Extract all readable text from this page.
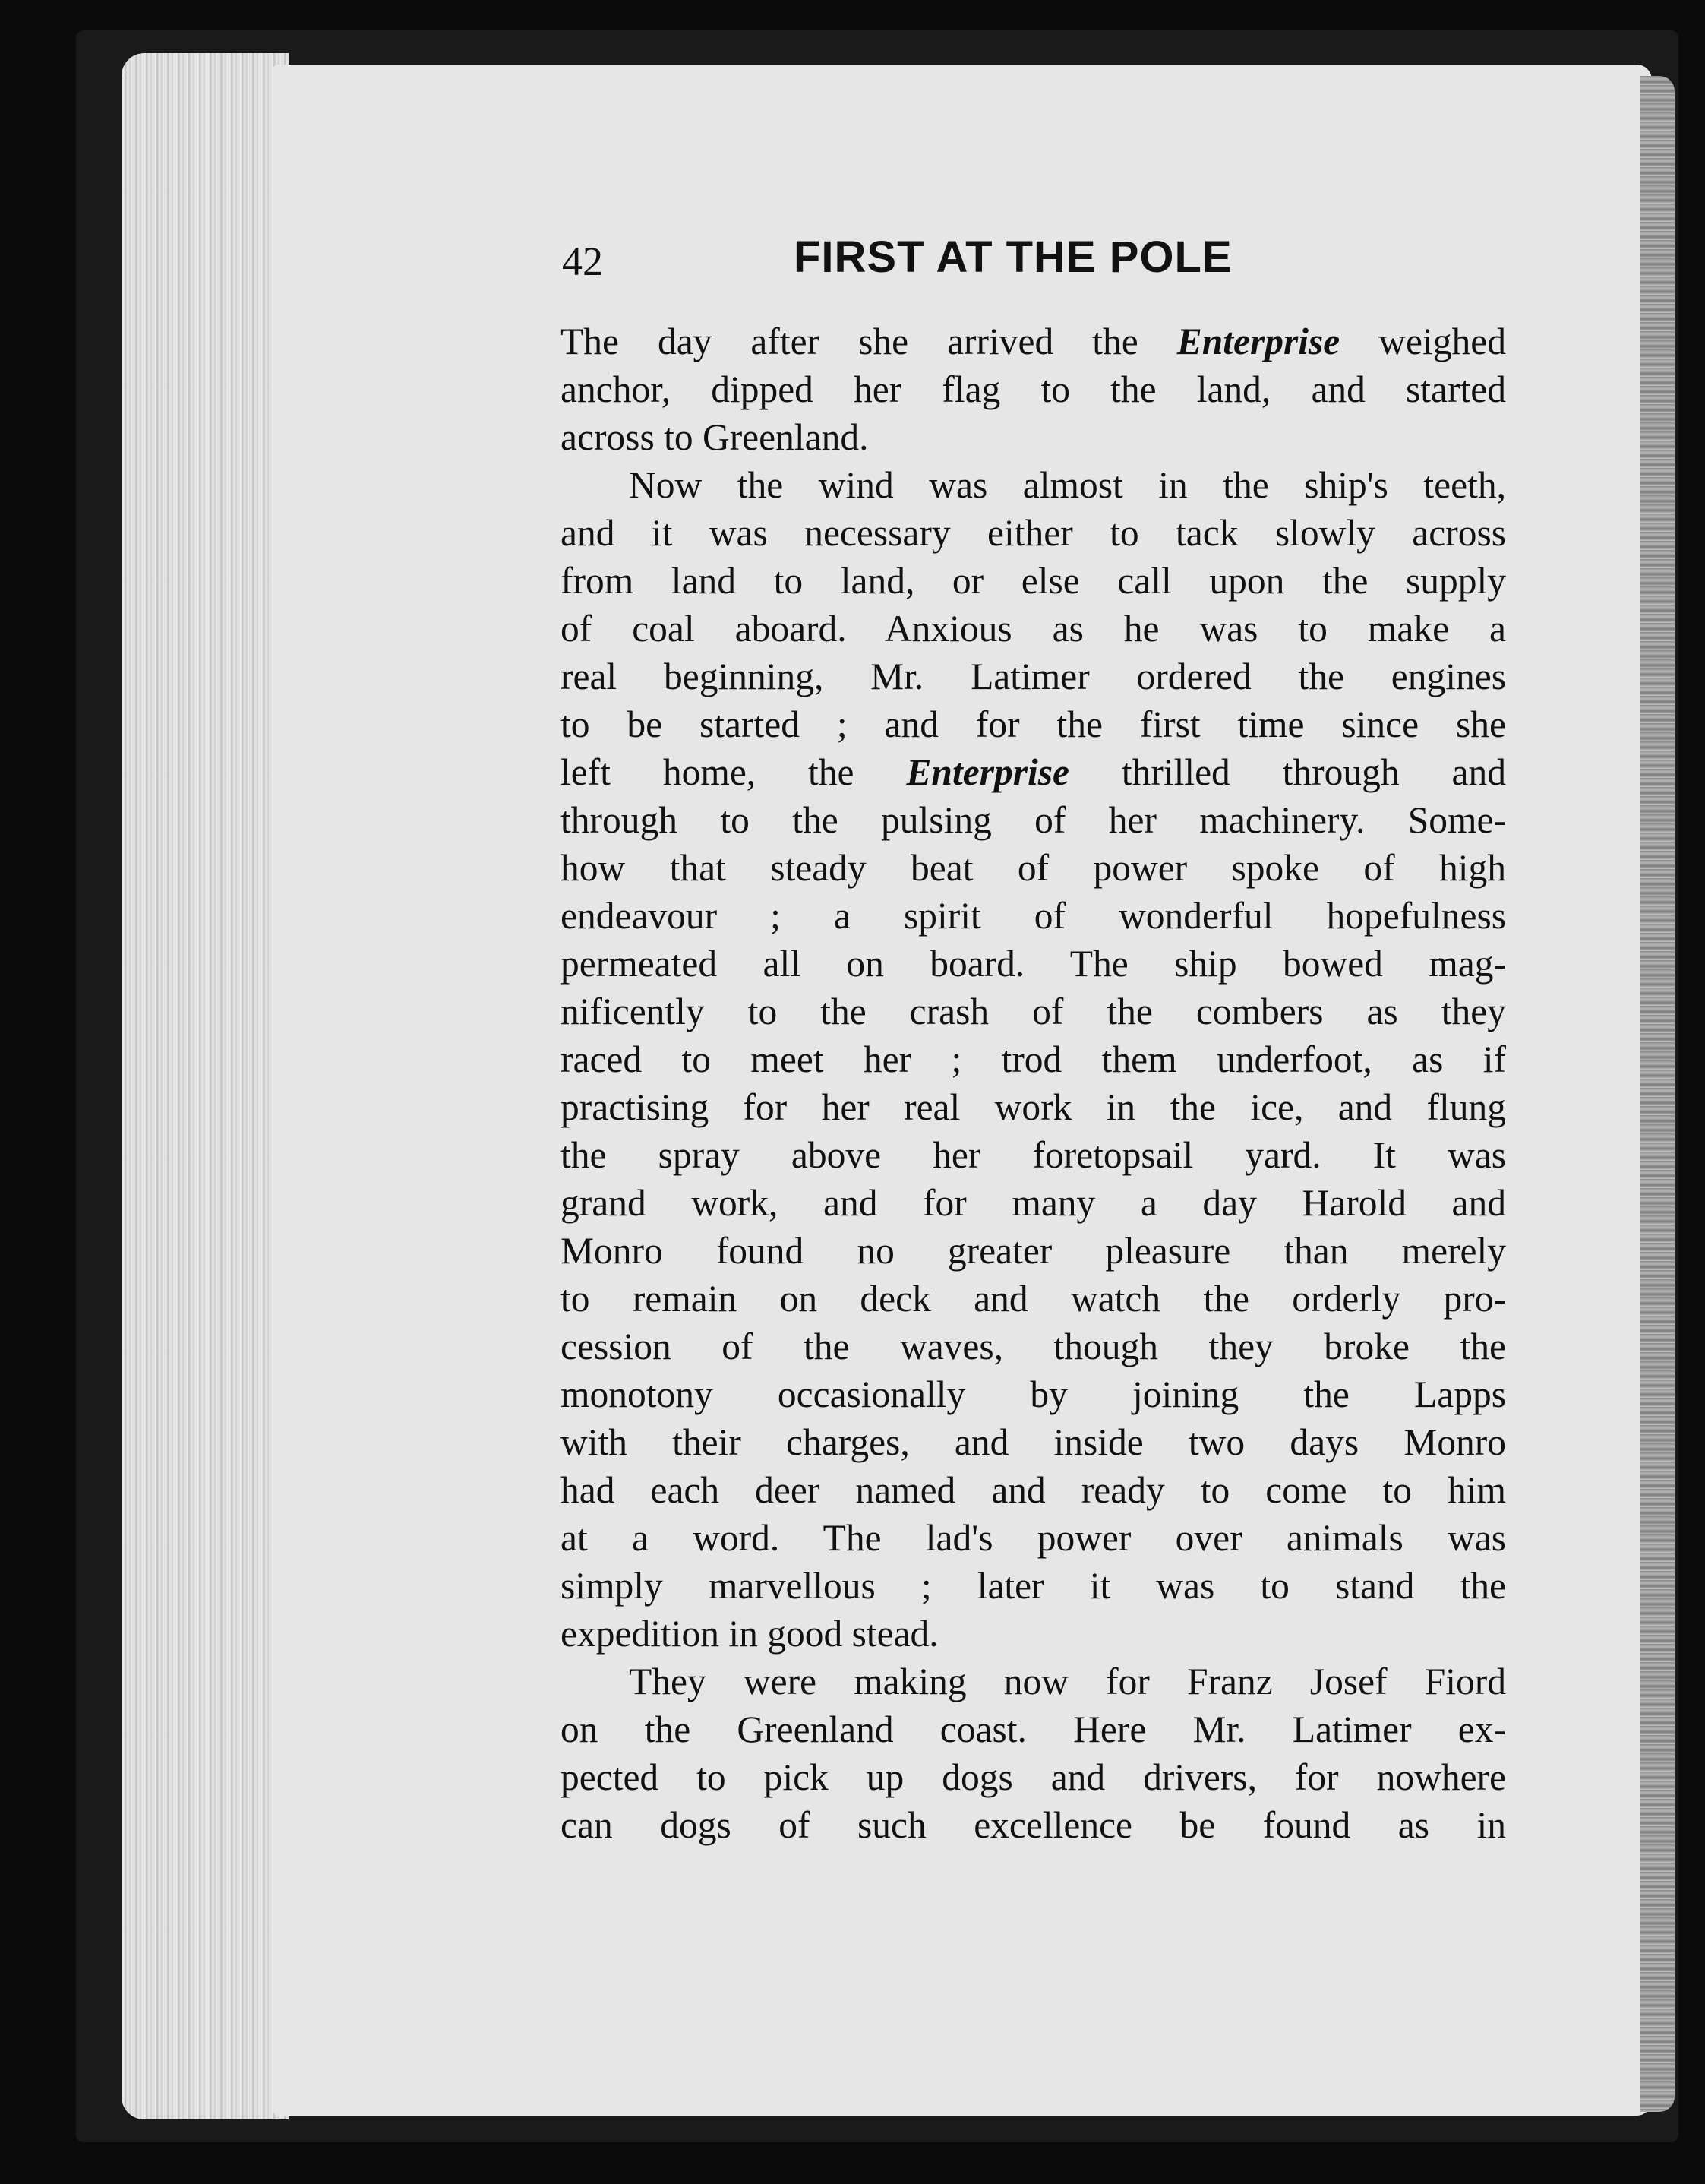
42	FIRST AT THE POLE
The day after she arrived the Enterprise weighed
anchor, dipped her flag to the land, and started
across to Greenland.
Now the wind was almost in the ship's teeth,
and it was necessary either to tack slowly across
from land to land, or else call upon the supply
of coal aboard. Anxious as he was to make a
real beginning, Mr. Latimer ordered the engines
to be started ; and for the first time since she
left home, the Enterprise thrilled through and
through to the pulsing of her machinery. Some-
how that steady beat of power spoke of high
endeavour ; a spirit of wonderful hopefulness
permeated all on board. The ship bowed mag-
nificently to the crash of the combers as they
raced to meet her ; trod them underfoot, as if
practising for her real work in the ice, and flung
the spray above her foretopsail yard. It was
grand work, and for many a day Harold and
Monro found no greater pleasure than merely
to remain on deck and watch the orderly pro-
cession of the waves, though they broke the
monotony occasionally by joining the Lapps
with their charges, and inside two days Monro
had each deer named and ready to come to him
at a word. The lad's power over animals was
simply marvellous ; later it was to stand the
expedition in good stead.
They were making now for Franz Josef Fiord
on the Greenland coast. Here Mr. Latimer ex-
pected to pick up dogs and drivers, for nowhere
can dogs of such excellence be found as in
